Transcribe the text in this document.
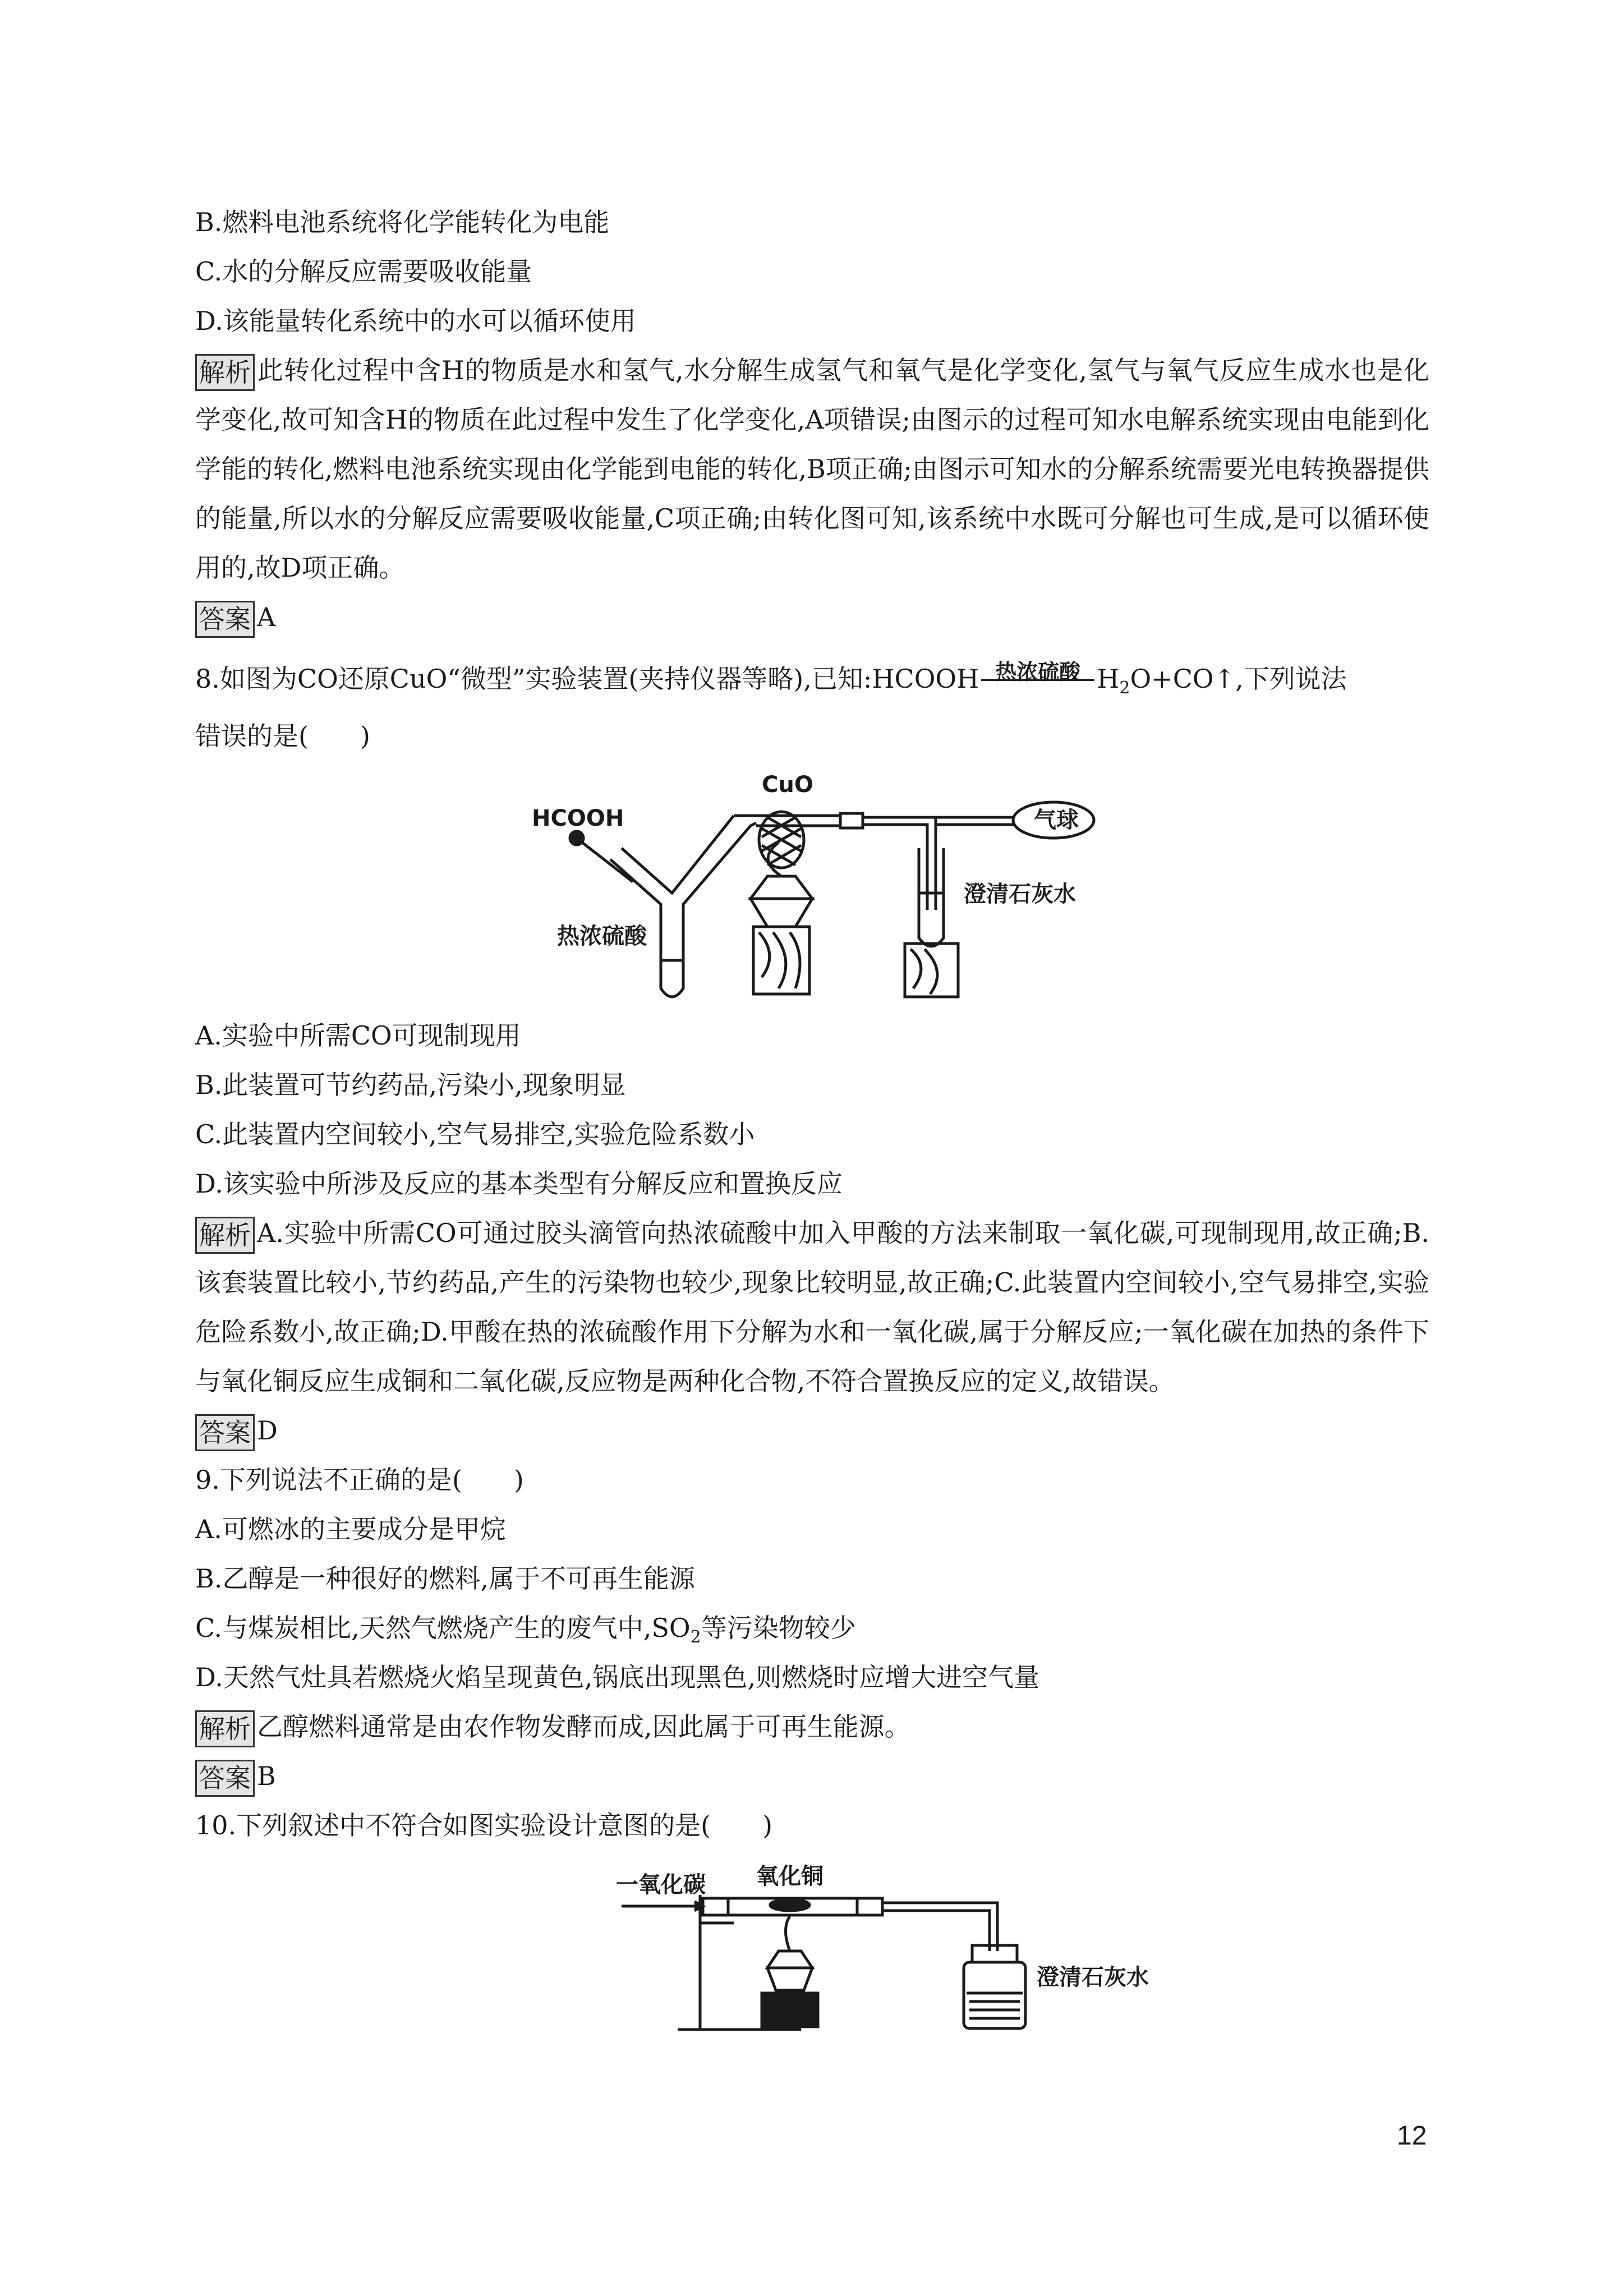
B.燃料电池系统将化学能转化为电能
C.水的分解反应需要吸收能量
D.该能量转化系统中的水可以循环使用
解析 此转化过程中含H的物质是水和氢气,水分解生成氢气和氧气是化学变化,氢气与氧气反应生成水也是化学变化,故可知含H的物质在此过程中发生了化学变化,A项错误;由图示的过程可知水电解系统实现由电能到化学能的转化,燃料电池系统实现由化学能到电能的转化,B项正确;由图示可知水的分解系统需要光电转换器提供的能量,所以水的分解反应需要吸收能量,C项正确;由转化图可知,该系统中水既可分解也可生成,是可以循环使用的,故D项正确。
答案 A
8.如图为CO还原CuO“微型”实验装置(夹持仪器等略),已知:HCOOH 热浓硫酸 $H_2O+CO↑$,下列说法
错误的是(　　)
HCOOH
CuO
气球
澄清石灰水
热浓硫酸
A.实验中所需CO可现制现用
B.此装置可节约药品,污染小,现象明显
C.此装置内空间较小,空气易排空,实验危险系数小
D.该实验中所涉及反应的基本类型有分解反应和置换反应
解析 A.实验中所需CO可通过胶头滴管向热浓硫酸中加入甲酸的方法来制取一氧化碳,可现制现用,故正确;B.该套装置比较小,节约药品,产生的污染物也较少,现象比较明显,故正确;C.此装置内空间较小,空气易排空,实验危险系数小,故正确;D.甲酸在热的浓硫酸作用下分解为水和一氧化碳,属于分解反应;一氧化碳在加热的条件下与氧化铜反应生成铜和二氧化碳,反应物是两种化合物,不符合置换反应的定义,故错误。
答案 D
9.下列说法不正确的是(　　)
A.可燃冰的主要成分是甲烷
B.乙醇是一种很好的燃料,属于不可再生能源
C.与煤炭相比,天然气燃烧产生的废气中$,SO_2$等污染物较少
D.天然气灶具若燃烧火焰呈现黄色,锅底出现黑色,则燃烧时应增大进空气量
解析 乙醇燃料通常是由农作物发酵而成,因此属于可再生能源。
答案 B
10.下列叙述中不符合如图实验设计意图的是(　　)
一氧化碳 氧化铜
澄清石灰水
12
